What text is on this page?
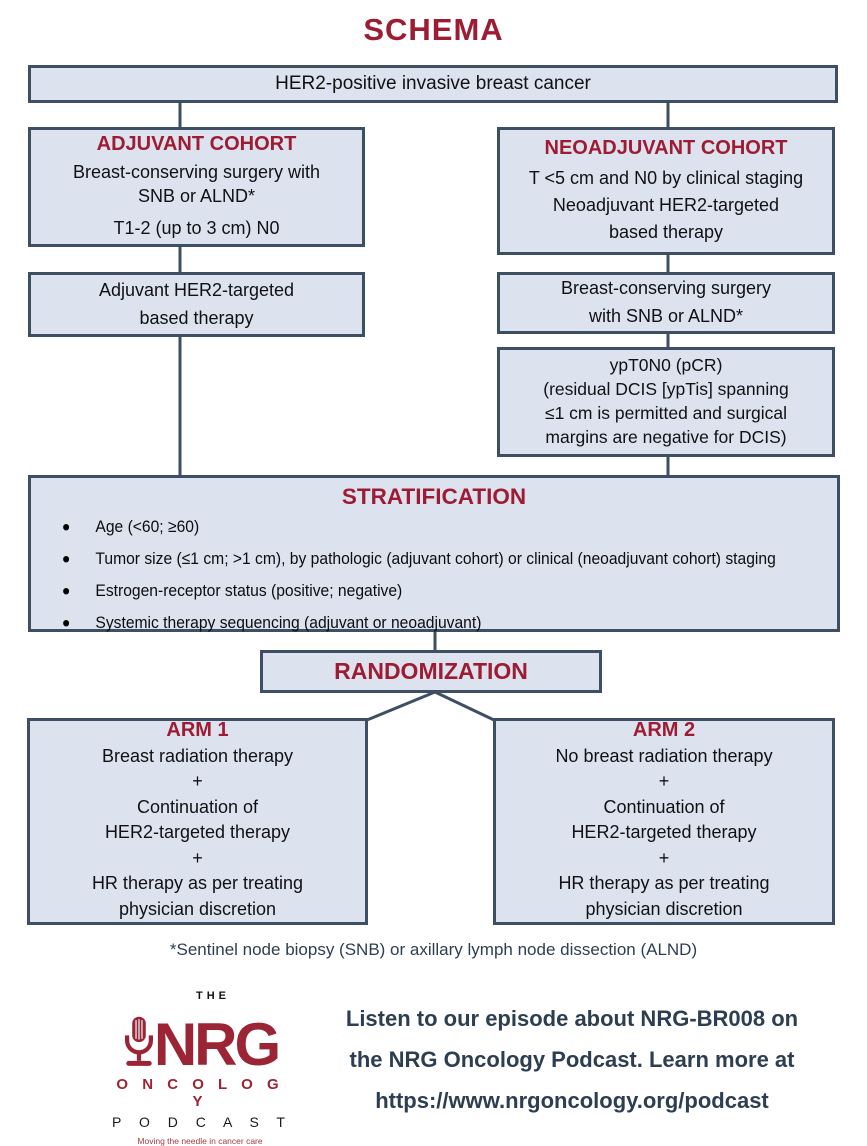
SCHEMA
HER2-positive invasive breast cancer
ADJUVANT COHORT
Breast-conserving surgery with
SNB or ALND*
T1-2 (up to 3 cm) N0
NEOADJUVANT COHORT
T <5 cm and N0 by clinical staging
Neoadjuvant HER2-targeted
based therapy
Adjuvant HER2-targeted
based therapy
Breast-conserving surgery
with SNB or ALND*
ypT0N0 (pCR)
(residual DCIS [ypTis] spanning
≤1 cm is permitted and surgical
margins are negative for DCIS)
STRATIFICATION
• Age (<60; ≥60)
• Tumor size (≤1 cm; >1 cm), by pathologic (adjuvant cohort) or clinical (neoadjuvant cohort) staging
• Estrogen-receptor status (positive; negative)
• Systemic therapy sequencing (adjuvant or neoadjuvant)
RANDOMIZATION
ARM 1
Breast radiation therapy
+
Continuation of
HER2-targeted therapy
+
HR therapy as per treating
physician discretion
ARM 2
No breast radiation therapy
+
Continuation of
HER2-targeted therapy
+
HR therapy as per treating
physician discretion
*Sentinel node biopsy (SNB) or axillary lymph node dissection (ALND)
THE
NRG
O N C O L O G Y
P O D C A S T
Moving the needle in cancer care
Listen to our episode about NRG-BR008 on
the NRG Oncology Podcast. Learn more at
https://www.nrgoncology.org/podcast
